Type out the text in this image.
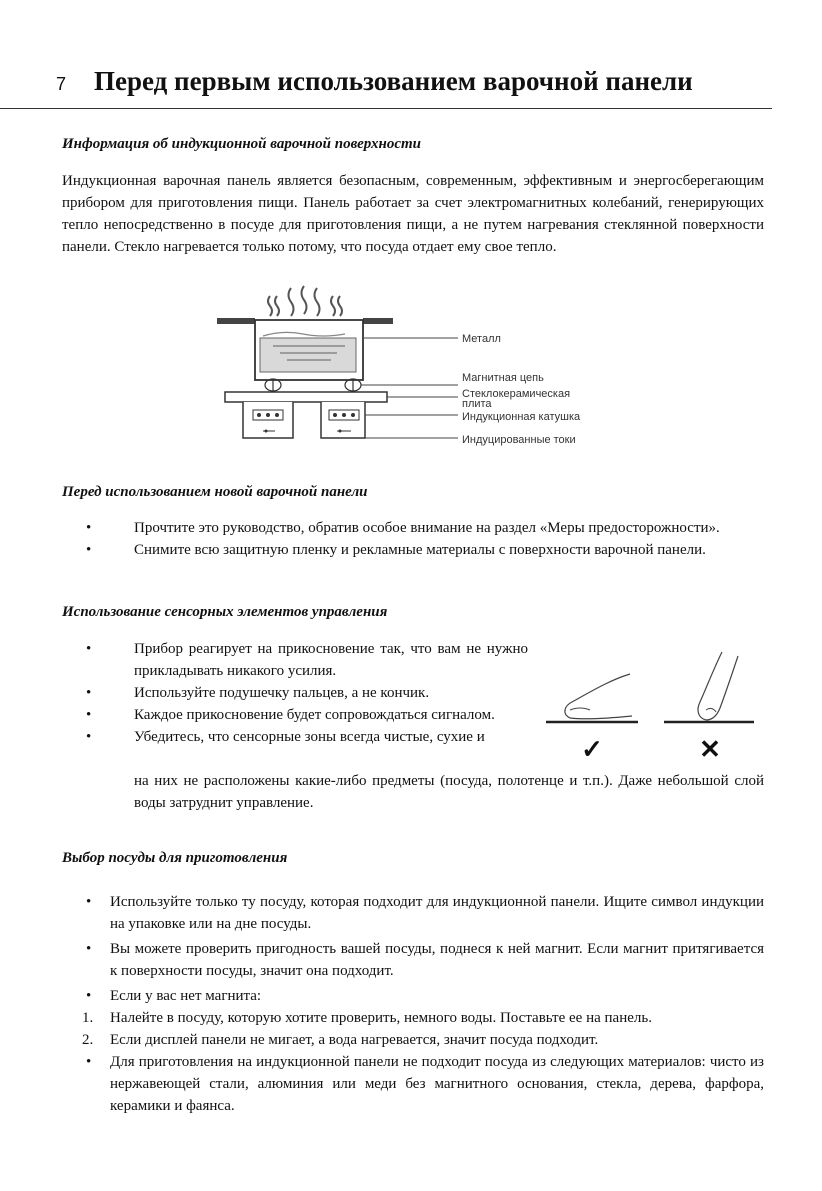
7 Перед первым использованием варочной панели
Информация об индукционной варочной поверхности

Индукционная варочная панель является безопасным, современным, эффективным и энергосберегающим прибором для приготовления пищи. Панель работает за счет электромагнитных колебаний, генерирующих тепло непосредственно в посуде для приготовления пищи, а не путем нагревания стеклянной поверхности панели. Стекло нагревается только потому, что посуда отдает ему свое тепло.

Металл
Магнитная цепь
Стеклокерамическая
плита
Индукционная катушка
Индуцированные токи
Перед использованием новой варочной панели
•	Прочтите это руководство, обратив особое внимание на раздел «Меры предосторожности».
•	Снимите всю защитную пленку и рекламные материалы с поверхности варочной панели.
Использование сенсорных элементов управления
•	Прибор реагирует на прикосновение так, что вам не нужно прикладывать никакого усилия.
•	Используйте подушечку пальцев, а не кончик.
•	Каждое прикосновение будет сопровождаться сигналом.
•	Убедитесь, что сенсорные зоны всегда чистые, сухие и

на них не расположены какие-либо предметы (посуда, полотенце и т.п.). Даже небольшой слой воды затруднит управление.

✓	✕
Выбор посуды для приготовления
• Используйте только ту посуду, которая подходит для индукционной панели. Ищите символ индукции на упаковке или на дне посуды.
• Вы можете проверить пригодность вашей посуды, поднеся к ней магнит. Если магнит притягивается к поверхности посуды, значит она подходит.
• Если у вас нет магнита:
1. Налейте в посуду, которую хотите проверить, немного воды. Поставьте ее на панель.
2. Если дисплей панели не мигает, а вода нагревается, значит посуда подходит.
• Для приготовления на индукционной панели не подходит посуда из следующих материалов: чисто из нержавеющей стали, алюминия или меди без магнитного основания, стекла, дерева, фарфора, керамики и фаянса.
